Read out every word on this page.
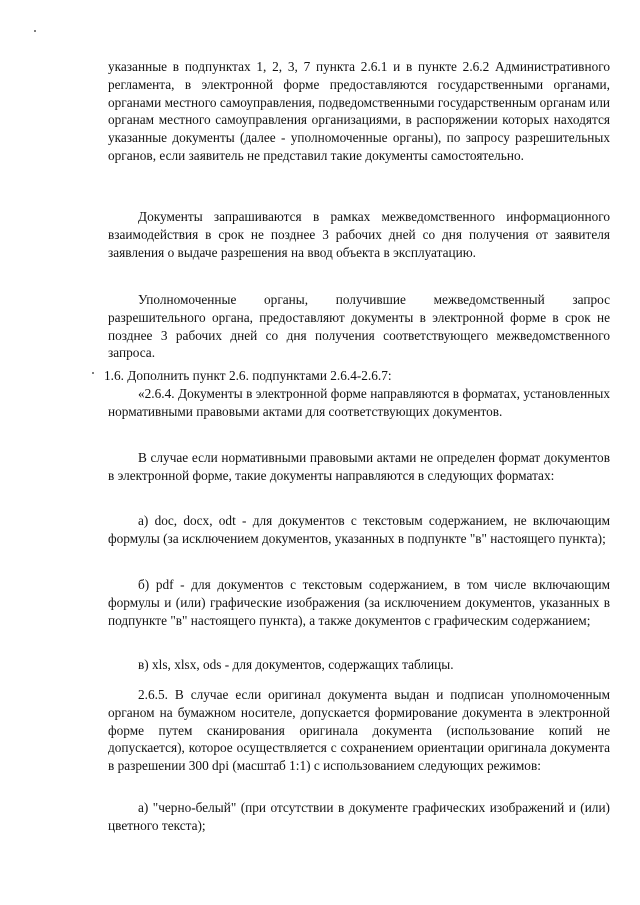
указанные в подпунктах 1, 2, 3, 7 пункта 2.6.1 и в пункте 2.6.2 Административного регламента, в электронной форме предоставляются государственными органами, органами местного самоуправления, подведомственными государственным органам или органам местного самоуправления организациями, в распоряжении которых находятся указанные документы (далее - уполномоченные органы), по запросу разрешительных органов, если заявитель не представил такие документы самостоятельно.

Документы запрашиваются в рамках межведомственного информационного взаимодействия в срок не позднее 3 рабочих дней со дня получения от заявителя заявления о выдаче разрешения на ввод объекта в эксплуатацию.

Уполномоченные органы, получившие межведомственный запрос разрешительного органа, предоставляют документы в электронной форме в срок не позднее 3 рабочих дней со дня получения соответствующего межведомственного запроса.

1.6. Дополнить пункт 2.6. подпунктами 2.6.4-2.6.7:

«2.6.4. Документы в электронной форме направляются в форматах, установленных нормативными правовыми актами для соответствующих документов.

В случае если нормативными правовыми актами не определен формат документов в электронной форме, такие документы направляются в следующих форматах:

а) doc, docx, odt - для документов с текстовым содержанием, не включающим формулы (за исключением документов, указанных в подпункте "в" настоящего пункта);

б) pdf - для документов с текстовым содержанием, в том числе включающим формулы и (или) графические изображения (за исключением документов, указанных в подпункте "в" настоящего пункта), а также документов с графическим содержанием;

в) xls, xlsx, ods - для документов, содержащих таблицы.

2.6.5. В случае если оригинал документа выдан и подписан уполномоченным органом на бумажном носителе, допускается формирование документа в электронной форме путем сканирования оригинала документа (использование копий не допускается), которое осуществляется с сохранением ориентации оригинала документа в разрешении 300 dpi (масштаб 1:1) с использованием следующих режимов:

а) "черно-белый" (при отсутствии в документе графических изображений и (или) цветного текста);
